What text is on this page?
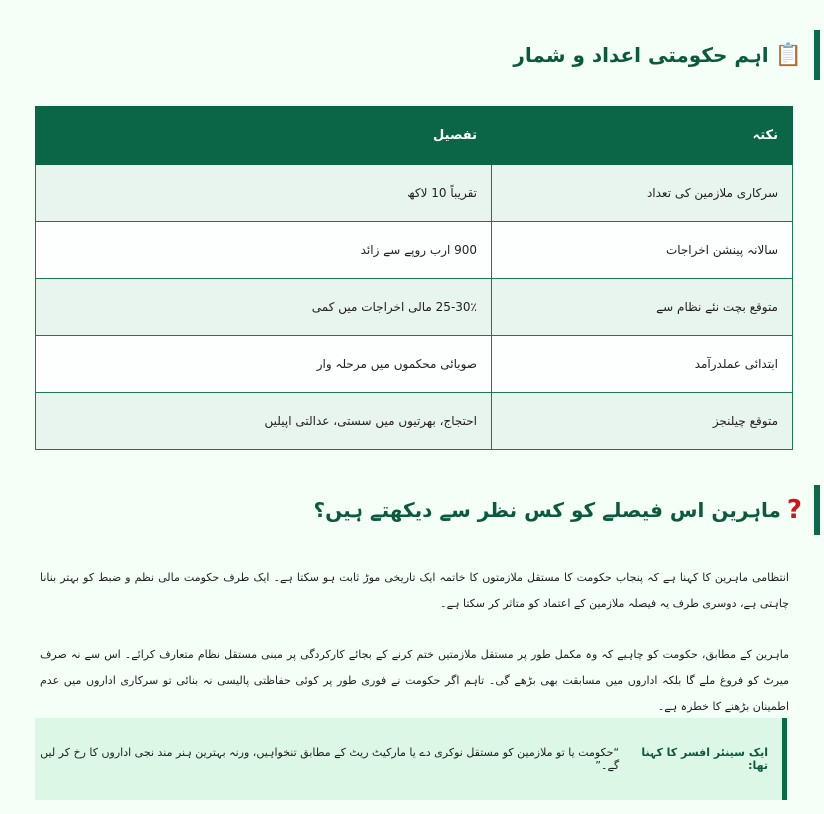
📋
اہم حکومتی اعداد و شمار
نکتہ	تفصیل
سرکاری ملازمین کی تعداد	تقریباً 10 لاکھ
سالانہ پینشن اخراجات	900 ارب روپے سے زائد
متوقع بچت نئے نظام سے	25-30٪ مالی اخراجات میں کمی
ابتدائی عملدرآمد	صوبائی محکموں میں مرحلہ وار
متوقع چیلنجز	احتجاج، بھرتیوں میں سستی، عدالتی اپیلیں
?
ماہرین اس فیصلے کو کس نظر سے دیکھتے ہیں؟

انتظامی ماہرین کا کہنا ہے کہ پنجاب حکومت کا مستقل ملازمتوں کا خاتمہ ایک تاریخی موڑ ثابت ہو سکتا ہے۔ ایک طرف حکومت مالی نظم و ضبط کو بہتر بنانا چاہتی ہے، دوسری طرف یہ فیصلہ ملازمین کے اعتماد کو متاثر کر سکتا ہے۔

ماہرین کے مطابق، حکومت کو چاہیے کہ وہ مکمل طور پر مستقل ملازمتیں ختم کرنے کے بجائے کارکردگی پر مبنی مستقل نظام متعارف کرائے۔ اس سے نہ صرف میرٹ کو فروغ ملے گا بلکہ اداروں میں مسابقت بھی بڑھے گی۔ تاہم اگر حکومت نے فوری طور پر کوئی حفاظتی پالیسی نہ بنائی تو سرکاری اداروں میں عدم اطمینان بڑھنے کا خطرہ ہے۔

ایک سینئر افسر کا کہنا تھا:
“حکومت یا تو ملازمین کو مستقل نوکری دے یا مارکیٹ ریٹ کے مطابق تنخواہیں، ورنہ بہترین ہنر مند نجی اداروں کا رخ کر لیں گے۔”
